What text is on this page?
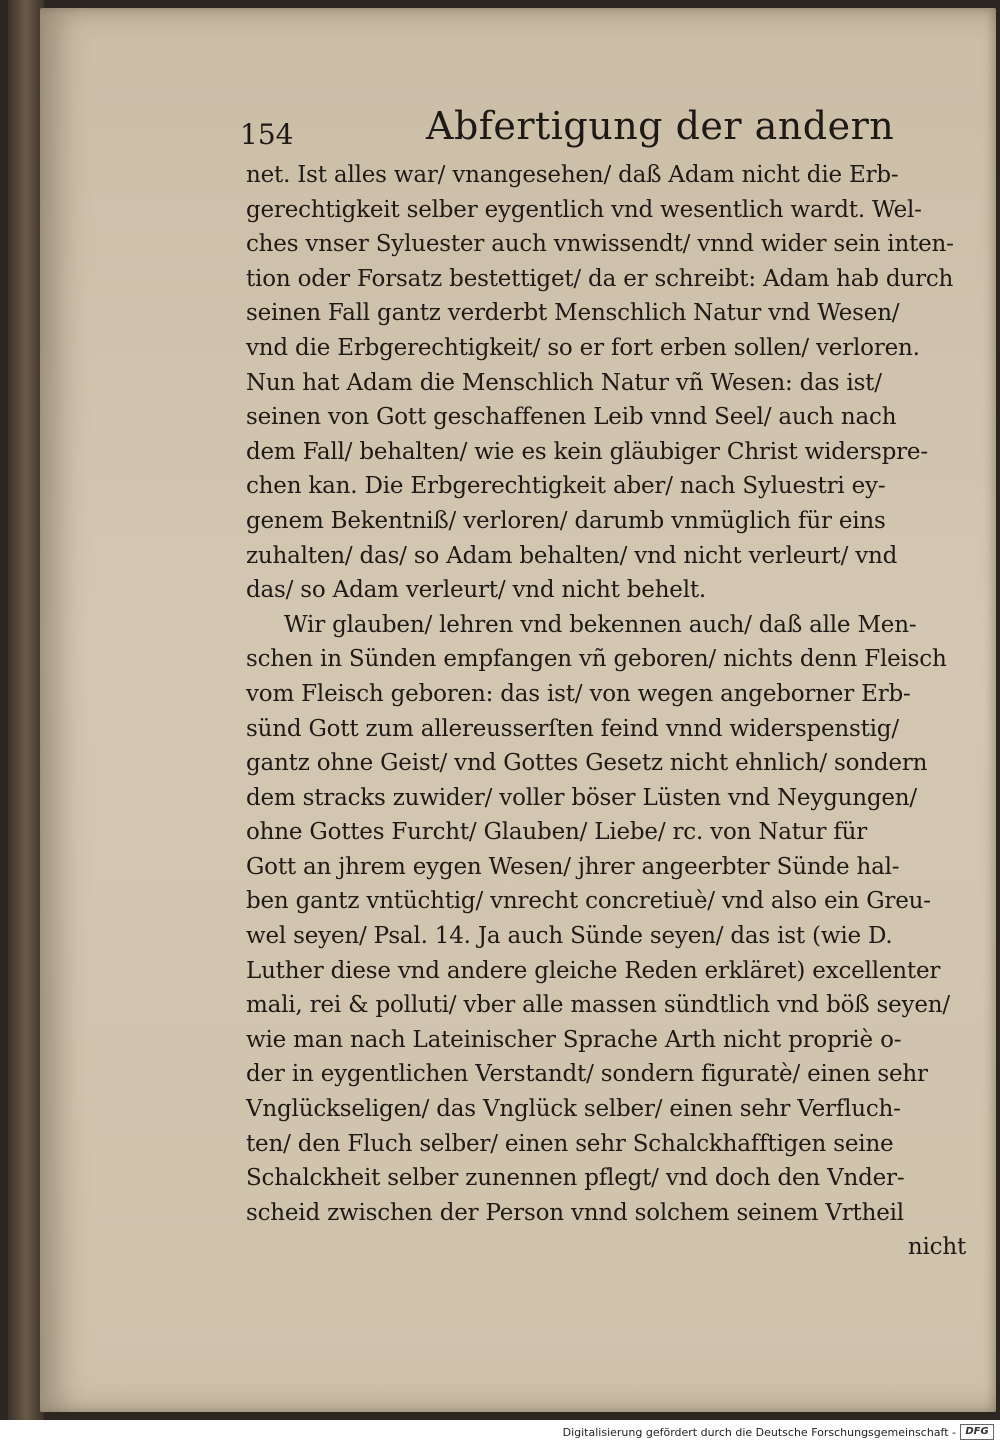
154	Abfertigung der andern
net. Ist alles war/ vnangesehen/ daß Adam nicht die Erb-
gerechtigkeit selber eygentlich vnd wesentlich wardt. Wel-
ches vnser Syluester auch vnwissendt/ vnnd wider sein inten-
tion oder Forsatz bestettiget/ da er schreibt: Adam hab durch
seinen Fall gantz verderbt Menschlich Natur vnd Wesen/
vnd die Erbgerechtigkeit/ so er fort erben sollen/ verloren.
Nun hat Adam die Menschlich Natur vñ Wesen: das ist/
seinen von Gott geschaffenen Leib vnnd Seel/ auch nach
dem Fall/ behalten/ wie es kein gläubiger Christ widerspre-
chen kan. Die Erbgerechtigkeit aber/ nach Syluestri ey-
genem Bekentniß/ verloren/ darumb vnmüglich für eins
zuhalten/ das/ so Adam behalten/ vnd nicht verleurt/ vnd
das/ so Adam verleurt/ vnd nicht behelt.
Wir glauben/ lehren vnd bekennen auch/ daß alle Men-
schen in Sünden empfangen vñ geboren/ nichts denn Fleisch
vom Fleisch geboren: das ist/ von wegen angeborner Erb-
sünd Gott zum allereusserſten feind vnnd widerspenstig/
gantz ohne Geist/ vnd Gottes Gesetz nicht ehnlich/ sondern
dem stracks zuwider/ voller böser Lüsten vnd Neygungen/
ohne Gottes Furcht/ Glauben/ Liebe/ rc. von Natur für
Gott an jhrem eygen Wesen/ jhrer angeerbter Sünde hal-
ben gantz vntüchtig/ vnrecht concretiuè/ vnd also ein Greu-
wel seyen/ Psal. 14. Ja auch Sünde seyen/ das ist (wie D.
Luther diese vnd andere gleiche Reden erkläret) excellenter
mali, rei & polluti/ vber alle massen sündtlich vnd böß seyen/
wie man nach Lateinischer Sprache Arth nicht propriè o-
der in eygentlichen Verstandt/ sondern figuratè/ einen sehr
Vnglückseligen/ das Vnglück selber/ einen sehr Verfluch-
ten/ den Fluch selber/ einen sehr Schalckhafftigen seine
Schalckheit selber zunennen pflegt/ vnd doch den Vnder-
scheid zwischen der Person vnnd solchem seinem Vrtheil
nicht
Digitalisierung gefördert durch die Deutsche Forschungsgemeinschaft - DFG
